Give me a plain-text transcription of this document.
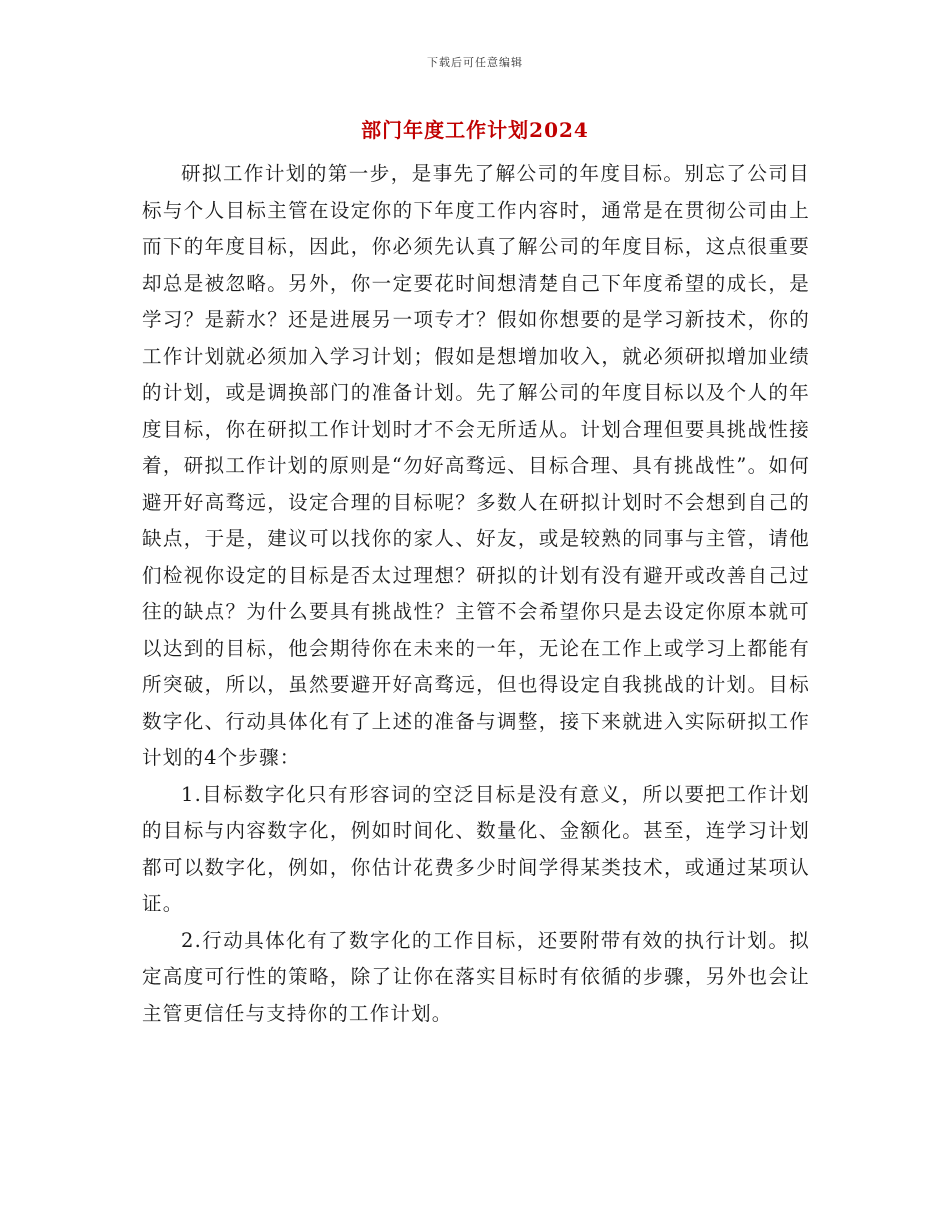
下载后可任意编辑
部门年度工作计划2024

研拟工作计划的第一步，是事先了解公司的年度目标。别忘了公司目标与个人目标主管在设定你的下年度工作内容时，通常是在贯彻公司由上而下的年度目标，因此，你必须先认真了解公司的年度目标，这点很重要却总是被忽略。另外，你一定要花时间想清楚自己下年度希望的成长，是学习？是薪水？还是进展另一项专才？假如你想要的是学习新技术，你的工作计划就必须加入学习计划；假如是想增加收入，就必须研拟增加业绩的计划，或是调换部门的准备计划。先了解公司的年度目标以及个人的年度目标，你在研拟工作计划时才不会无所适从。计划合理但要具挑战性接着，研拟工作计划的原则是“勿好高骛远、目标合理、具有挑战性”。如何避开好高骛远，设定合理的目标呢？多数人在研拟计划时不会想到自己的缺点，于是，建议可以找你的家人、好友，或是较熟的同事与主管，请他们检视你设定的目标是否太过理想？研拟的计划有没有避开或改善自己过往的缺点？为什么要具有挑战性？主管不会希望你只是去设定你原本就可以达到的目标，他会期待你在未来的一年，无论在工作上或学习上都能有所突破，所以，虽然要避开好高骛远，但也得设定自我挑战的计划。目标数字化、行动具体化有了上述的准备与调整，接下来就进入实际研拟工作计划的4个步骤：

1.目标数字化只有形容词的空泛目标是没有意义，所以要把工作计划的目标与内容数字化，例如时间化、数量化、金额化。甚至，连学习计划都可以数字化，例如，你估计花费多少时间学得某类技术，或通过某项认证。

2.行动具体化有了数字化的工作目标，还要附带有效的执行计划。拟定高度可行性的策略，除了让你在落实目标时有依循的步骤，另外也会让主管更信任与支持你的工作计划。
